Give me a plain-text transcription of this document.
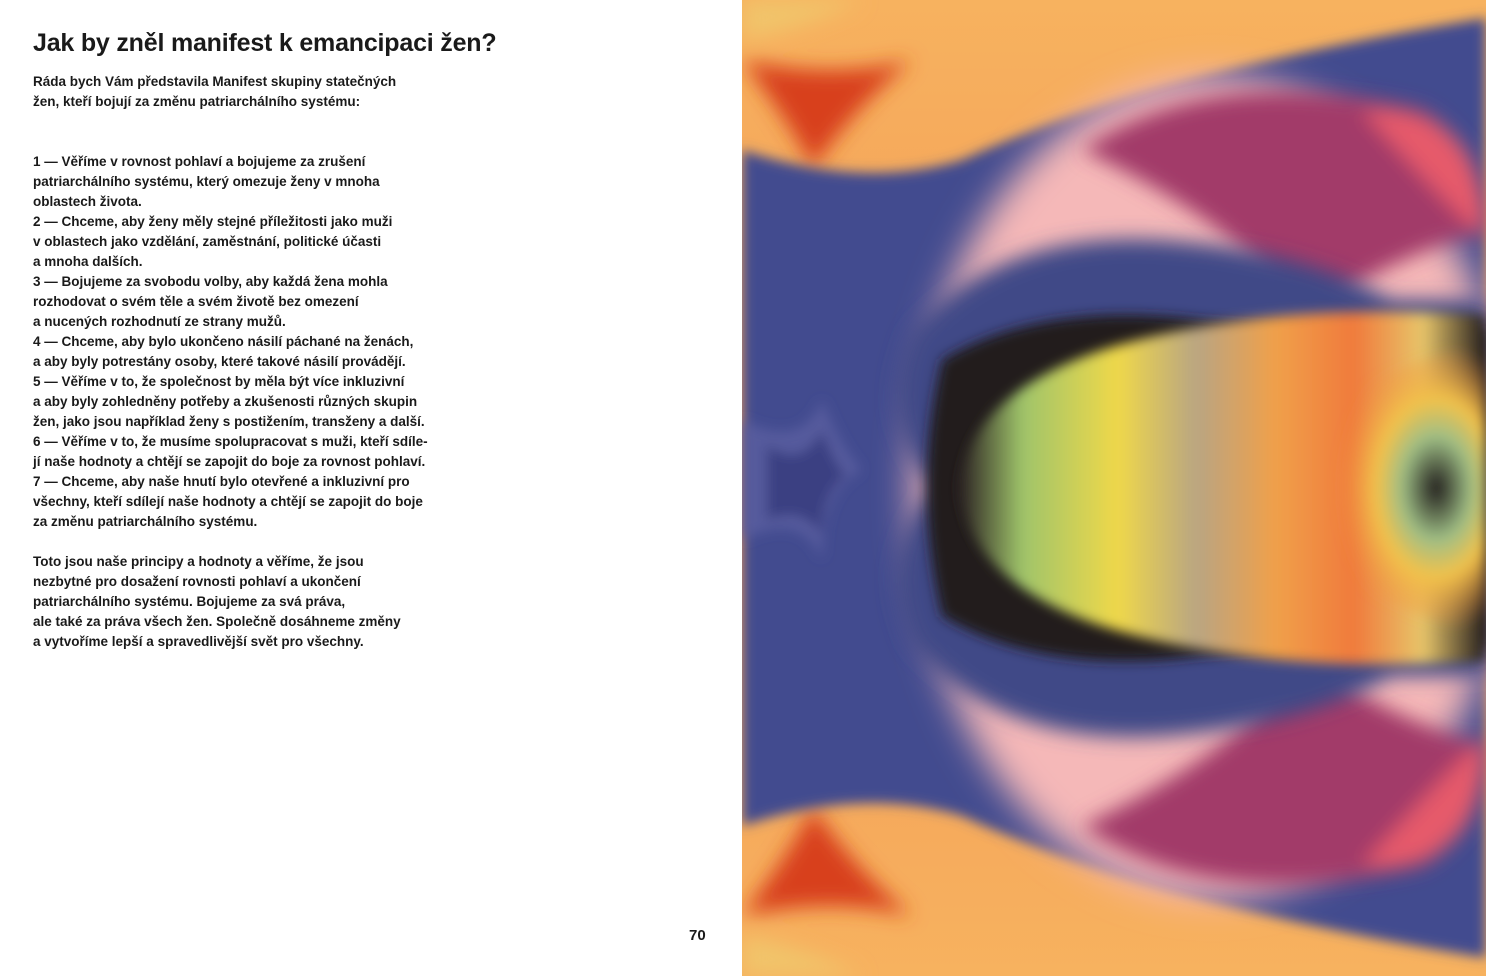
Jak by zněl manifest k emancipaci žen?
Ráda bych Vám představila Manifest skupiny statečných
žen, kteří bojují za změnu patriarchálního systému:
1 — Věříme v rovnost pohlaví a bojujeme za zrušení
patriarchálního systému, který omezuje ženy v mnoha
oblastech života.
2 — Chceme, aby ženy měly stejné příležitosti jako muži
v oblastech jako vzdělání, zaměstnání, politické účasti
a mnoha dalších.
3 — Bojujeme za svobodu volby, aby každá žena mohla
rozhodovat o svém těle a svém životě bez omezení
a nucených rozhodnutí ze strany mužů.
4 — Chceme, aby bylo ukončeno násilí páchané na ženách,
a aby byly potrestány osoby, které takové násilí provádějí.
5 — Věříme v to, že společnost by měla být více inkluzivní
a aby byly zohledněny potřeby a zkušenosti různých skupin
žen, jako jsou například ženy s postižením, transženy a další.
6 — Věříme v to, že musíme spolupracovat s muži, kteří sdíle-
jí naše hodnoty a chtějí se zapojit do boje za rovnost pohlaví.
7 — Chceme, aby naše hnutí bylo otevřené a inkluzivní pro
všechny, kteří sdílejí naše hodnoty a chtějí se zapojit do boje
za změnu patriarchálního systému.
Toto jsou naše principy a hodnoty a věříme, že jsou
nezbytné pro dosažení rovnosti pohlaví a ukončení
patriarchálního systému. Bojujeme za svá práva,
ale také za práva všech žen. Společně dosáhneme změny
a vytvoříme lepší a spravedlivější svět pro všechny.
70
